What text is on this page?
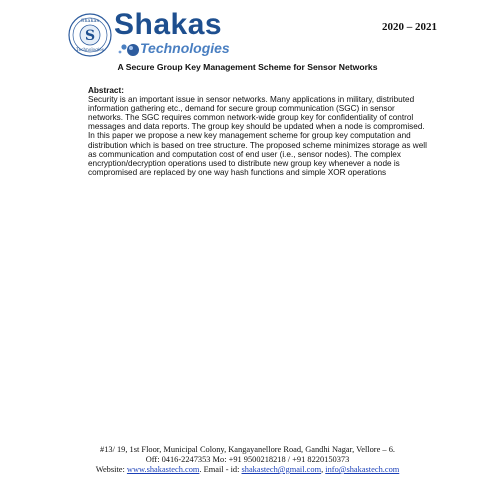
S
Shakas
Technologies
Shakas
Technologies
2020 – 2021
A Secure Group Key Management Scheme for Sensor Networks
Abstract:
Security is an important issue in sensor networks. Many applications in military, distributed information gathering etc., demand for secure group communication (SGC) in sensor networks. The SGC requires common network-wide group key for confidentiality of control messages and data reports. The group key should be updated when a node is compromised. In this paper we propose a new key management scheme for group key computation and distribution which is based on tree structure. The proposed scheme minimizes storage as well as communication and computation cost of end user (i.e., sensor nodes). The complex encryption/decryption operations used to distribute new group key whenever a node is compromised are replaced by one way hash functions and simple XOR operations
#13/ 19, 1st Floor, Municipal Colony, Kangayanellore Road, Gandhi Nagar, Vellore – 6.
Off: 0416-2247353 Mo: +91 9500218218 / +91 8220150373
Website: www.shakastech.com. Email - id: shakastech@gmail.com, info@shakastech.com
